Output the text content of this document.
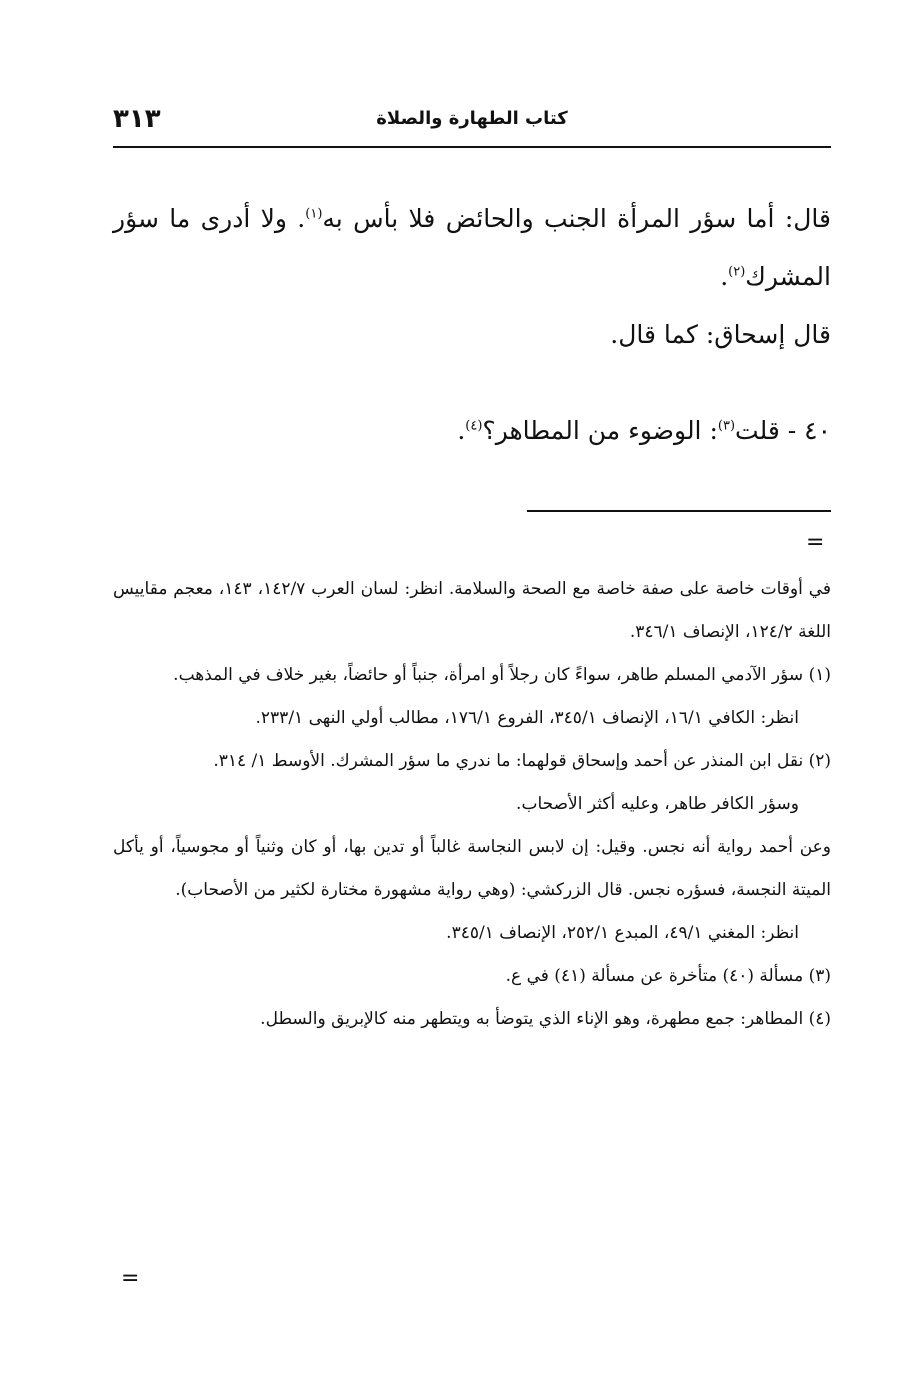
كتاب الطهارة والصلاة
٣١٣

قال: أما سؤر المرأة الجنب والحائض فلا بأس به$^{(١)}$. ولا أدرى ما سؤر المشرك$^{(٢)}$.

قال إسحاق: كما قال.

٤٠ - قلت$^{(٣)}$: الوضوء من المطاهر؟$^{(٤)}$.

=

في أوقات خاصة على صفة خاصة مع الصحة والسلامة. انظر: لسان العرب ١٤٢/٧، ١٤٣، معجم مقاييس اللغة ١٢٤/٢، الإنصاف ٣٤٦/١.

(١) سؤر الآدمي المسلم طاهر، سواءً كان رجلاً أو امرأة، جنباً أو حائضاً، بغير خلاف في المذهب.

انظر: الكافي ١٦/١، الإنصاف ٣٤٥/١، الفروع ١٧٦/١، مطالب أولي النهى ٢٣٣/١.

(٢) نقل ابن المنذر عن أحمد وإسحاق قولهما: ما ندري ما سؤر المشرك. الأوسط ١/ ٣١٤.

وسؤر الكافر طاهر، وعليه أكثر الأصحاب.

وعن أحمد رواية أنه نجس. وقيل: إن لابس النجاسة غالباً أو تدين بها، أو كان وثنياً أو مجوسياً، أو يأكل الميتة النجسة، فسؤره نجس. قال الزركشي: (وهي رواية مشهورة مختارة لكثير من الأصحاب).

انظر: المغني ٤٩/١، المبدع ٢٥٢/١، الإنصاف ٣٤٥/١.

(٣) مسألة (٤٠) متأخرة عن مسألة (٤١) في ع.

(٤) المطاهر: جمع مطهرة، وهو الإناء الذي يتوضأ به ويتطهر منه كالإبريق والسطل.

=
